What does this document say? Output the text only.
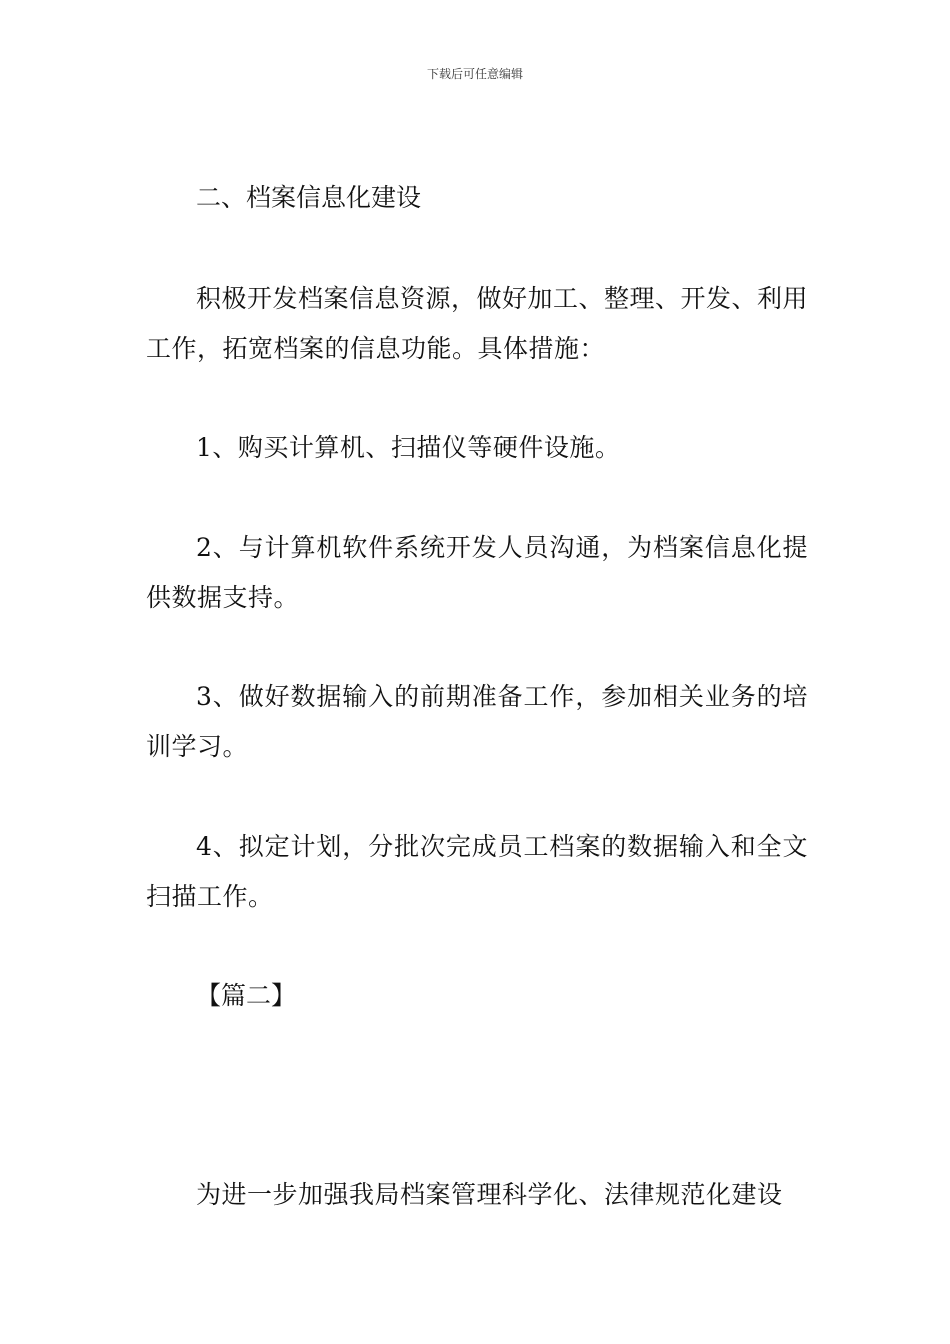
下载后可任意编辑

二、档案信息化建设

积极开发档案信息资源，做好加工、整理、开发、利用工作，拓宽档案的信息功能。具体措施：

1、购买计算机、扫描仪等硬件设施。

2、与计算机软件系统开发人员沟通，为档案信息化提供数据支持。

3、做好数据输入的前期准备工作，参加相关业务的培训学习。

4、拟定计划，分批次完成员工档案的数据输入和全文扫描工作。

【篇二】

为进一步加强我局档案管理科学化、法律规范化建设
